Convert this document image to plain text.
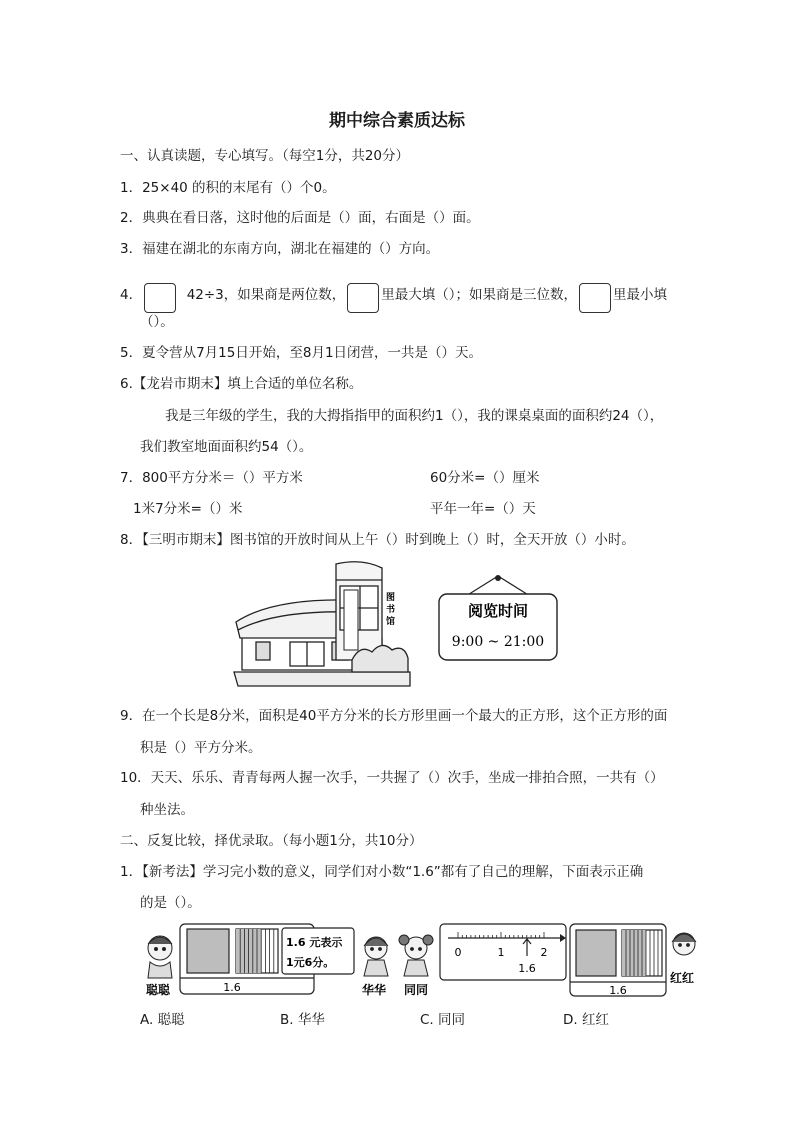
期中综合素质达标
一、认真读题，专心填写。（每空1分，共20分）
1．25×40 的积的末尾有（）个0。
2．典典在看日落，这时他的后面是（）面，右面是（）面。
3．福建在湖北的东南方向，湖北在福建的（）方向。
4．	42÷3，如果商是两位数，	里最大填（）；如果商是三位数，	里最小填
（）。
5．夏令营从7月15日开始，至8月1日闭营，一共是（）天。
6.【龙岩市期末】填上合适的单位名称。
我是三年级的学生，我的大拇指指甲的面积约1（），我的课桌桌面的面积约24（），
我们教室地面面积约54（）。
7．800平方分米＝（）平方米	60分米=（）厘米
1米7分米=（）米	平年一年=（）天
8．【三明市期末】图书馆的开放时间从上午（）时到晚上（）时，全天开放（）小时。
图
书
馆
阅览时间
9:00 ~ 21:00
9．在一个长是8分米，面积是40平方分米的长方形里画一个最大的正方形，这个正方形的面
积是（）平方分米。
10．天天、乐乐、青青每两人握一次手，一共握了（）次手，坐成一排拍合照，一共有（）
种坐法。
二、反复比较，择优录取。（每小题1分，共10分）
1．【新考法】学习完小数的意义，同学们对小数“1.6”都有了自己的理解，下面表示正确
的是（）。
聪聪	1.6
1.6 元表示
1元6分。
华华 同同
0	1	2
1.6
1.6
红红
A. 聪聪	B. 华华	C. 同同	D. 红红
